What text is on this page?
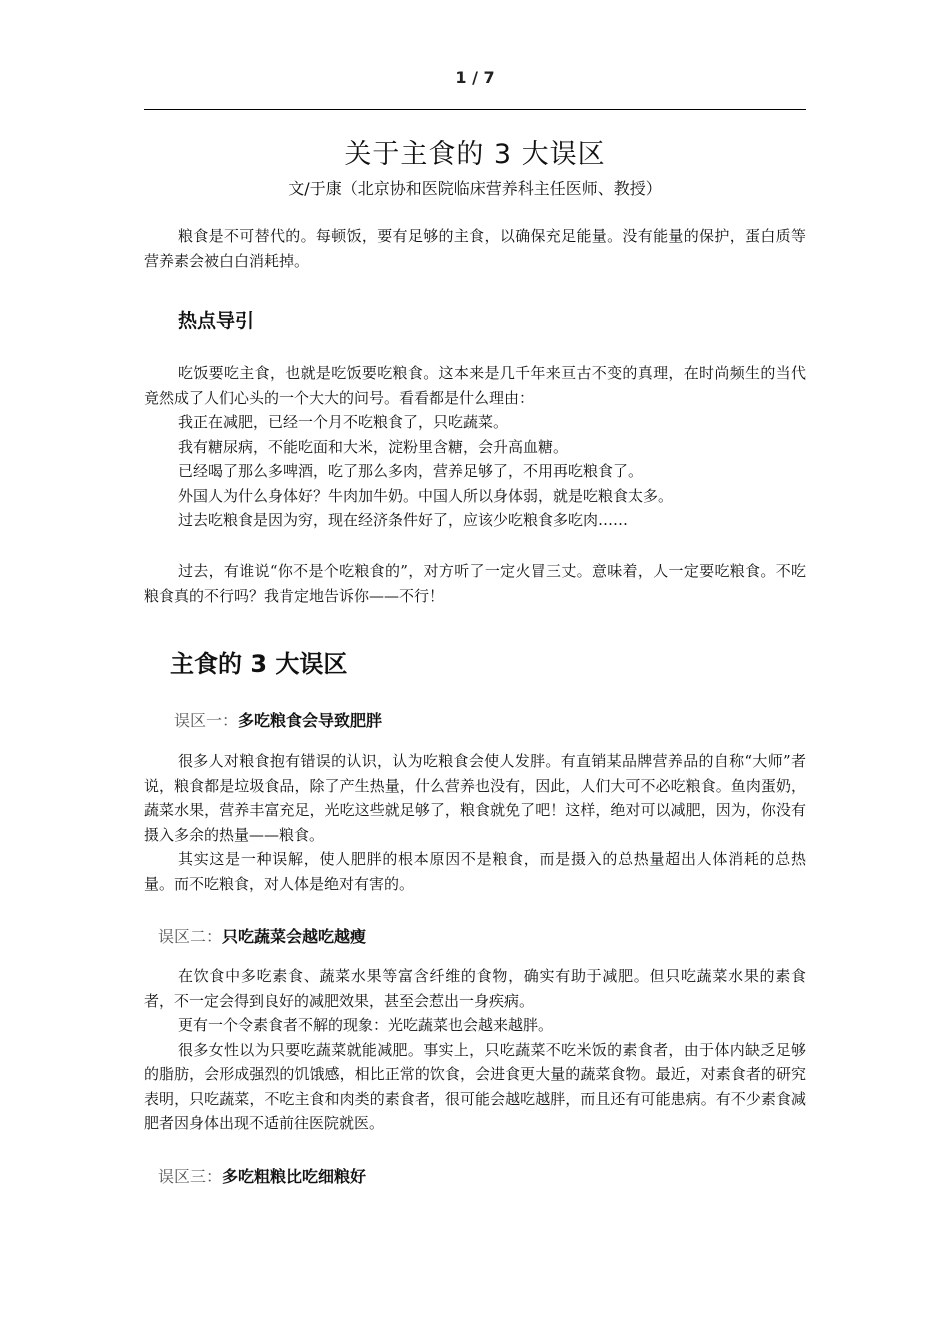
1 / 7
关于主食的 3 大误区
文/于康（北京协和医院临床营养科主任医师、教授）

粮食是不可替代的。每顿饭，要有足够的主食，以确保充足能量。没有能量的保护，蛋白质等营养素会被白白消耗掉。

热点导引

吃饭要吃主食，也就是吃饭要吃粮食。这本来是几千年来亘古不变的真理，在时尚频生的当代竟然成了人们心头的一个大大的问号。看看都是什么理由：

我正在减肥，已经一个月不吃粮食了，只吃蔬菜。

我有糖尿病，不能吃面和大米，淀粉里含糖，会升高血糖。

已经喝了那么多啤酒，吃了那么多肉，营养足够了，不用再吃粮食了。

外国人为什么身体好？牛肉加牛奶。中国人所以身体弱，就是吃粮食太多。

过去吃粮食是因为穷，现在经济条件好了，应该少吃粮食多吃肉……

过去，有谁说“你不是个吃粮食的”，对方听了一定火冒三丈。意味着，人一定要吃粮食。不吃粮食真的不行吗？我肯定地告诉你——不行！

主食的 3 大误区
误区一：多吃粮食会导致肥胖

很多人对粮食抱有错误的认识，认为吃粮食会使人发胖。有直销某品牌营养品的自称“大师”者说，粮食都是垃圾食品，除了产生热量，什么营养也没有，因此，人们大可不必吃粮食。鱼肉蛋奶，蔬菜水果，营养丰富充足，光吃这些就足够了，粮食就免了吧！这样，绝对可以减肥，因为，你没有摄入多余的热量——粮食。

其实这是一种误解，使人肥胖的根本原因不是粮食，而是摄入的总热量超出人体消耗的总热量。而不吃粮食，对人体是绝对有害的。

误区二：只吃蔬菜会越吃越瘦

在饮食中多吃素食、蔬菜水果等富含纤维的食物，确实有助于减肥。但只吃蔬菜水果的素食者，不一定会得到良好的减肥效果，甚至会惹出一身疾病。

更有一个令素食者不解的现象：光吃蔬菜也会越来越胖。

很多女性以为只要吃蔬菜就能减肥。事实上，只吃蔬菜不吃米饭的素食者，由于体内缺乏足够的脂肪，会形成强烈的饥饿感，相比正常的饮食，会进食更大量的蔬菜食物。最近，对素食者的研究表明，只吃蔬菜，不吃主食和肉类的素食者，很可能会越吃越胖，而且还有可能患病。有不少素食减肥者因身体出现不适前往医院就医。

误区三：多吃粗粮比吃细粮好
